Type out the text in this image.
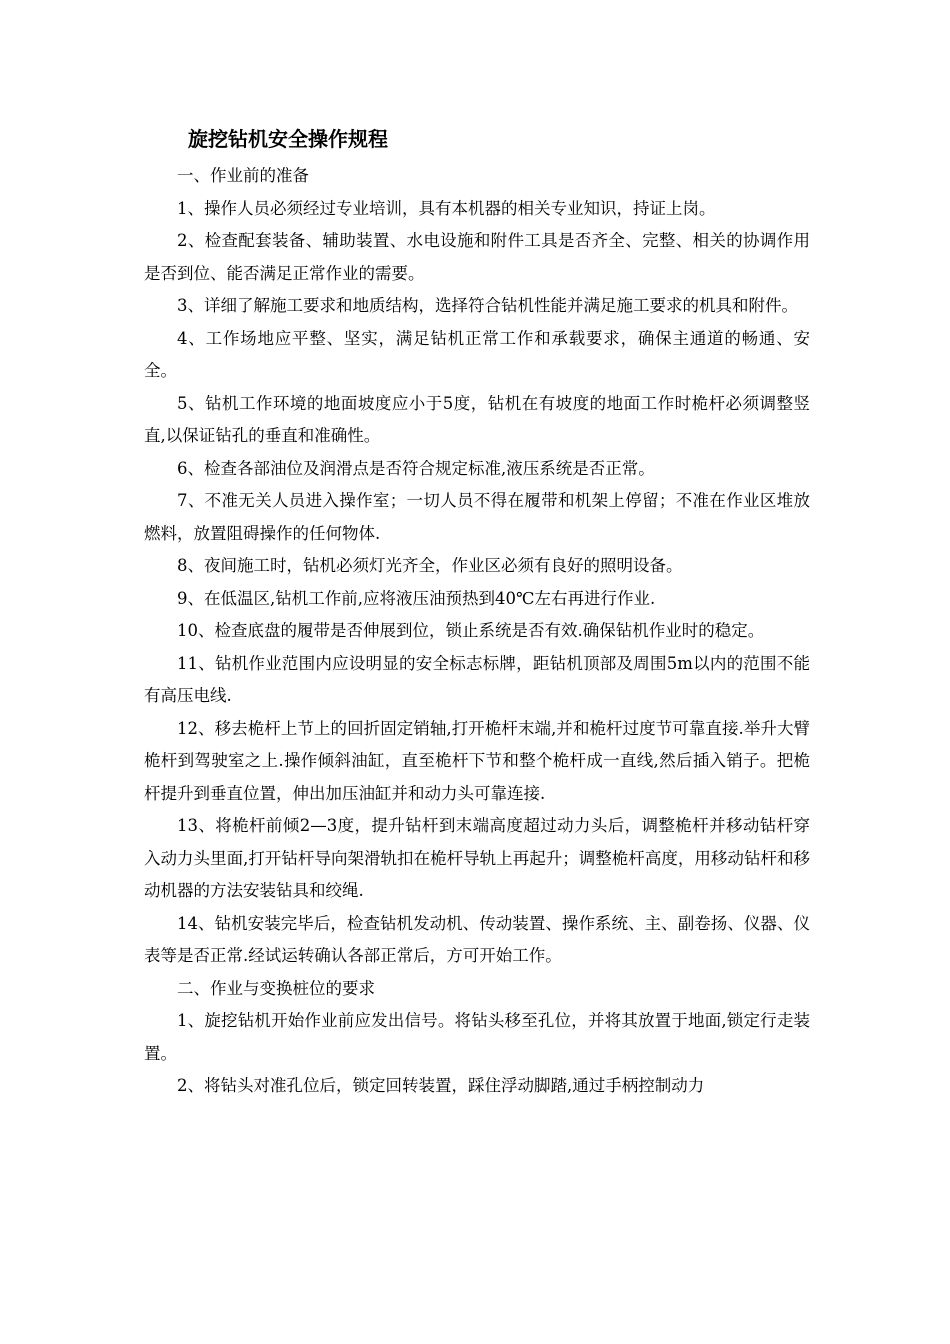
旋挖钻机安全操作规程

一、作业前的准备

1、操作人员必须经过专业培训，具有本机器的相关专业知识，持证上岗。

2、检查配套装备、辅助装置、水电设施和附件工具是否齐全、完整、相关的协调作用是否到位、能否满足正常作业的需要。

3、详细了解施工要求和地质结构，选择符合钻机性能并满足施工要求的机具和附件。

4、工作场地应平整、坚实，满足钻机正常工作和承载要求，确保主通道的畅通、安全。

5、钻机工作环境的地面坡度应小于5度，钻机在有坡度的地面工作时桅杆必须调整竖直,以保证钻孔的垂直和准确性。

6、检查各部油位及润滑点是否符合规定标准,液压系统是否正常。

7、不准无关人员进入操作室；一切人员不得在履带和机架上停留；不准在作业区堆放燃料，放置阻碍操作的任何物体.

8、夜间施工时，钻机必须灯光齐全，作业区必须有良好的照明设备。

9、在低温区,钻机工作前,应将液压油预热到40℃左右再进行作业.

10、检查底盘的履带是否伸展到位，锁止系统是否有效.确保钻机作业时的稳定。

11、钻机作业范围内应设明显的安全标志标牌，距钻机顶部及周围5m以内的范围不能有高压电线.

12、移去桅杆上节上的回折固定销轴,打开桅杆末端,并和桅杆过度节可靠直接.举升大臂桅杆到驾驶室之上.操作倾斜油缸，直至桅杆下节和整个桅杆成一直线,然后插入销子。把桅杆提升到垂直位置，伸出加压油缸并和动力头可靠连接.

13、将桅杆前倾2—3度，提升钻杆到末端高度超过动力头后，调整桅杆并移动钻杆穿入动力头里面,打开钻杆导向架滑轨扣在桅杆导轨上再起升；调整桅杆高度，用移动钻杆和移动机器的方法安装钻具和绞绳.

14、钻机安装完毕后，检查钻机发动机、传动装置、操作系统、主、副卷扬、仪器、仪表等是否正常.经试运转确认各部正常后，方可开始工作。

二、作业与变换桩位的要求

1、旋挖钻机开始作业前应发出信号。将钻头移至孔位，并将其放置于地面,锁定行走装置。

2、将钻头对准孔位后，锁定回转装置，踩住浮动脚踏,通过手柄控制动力
